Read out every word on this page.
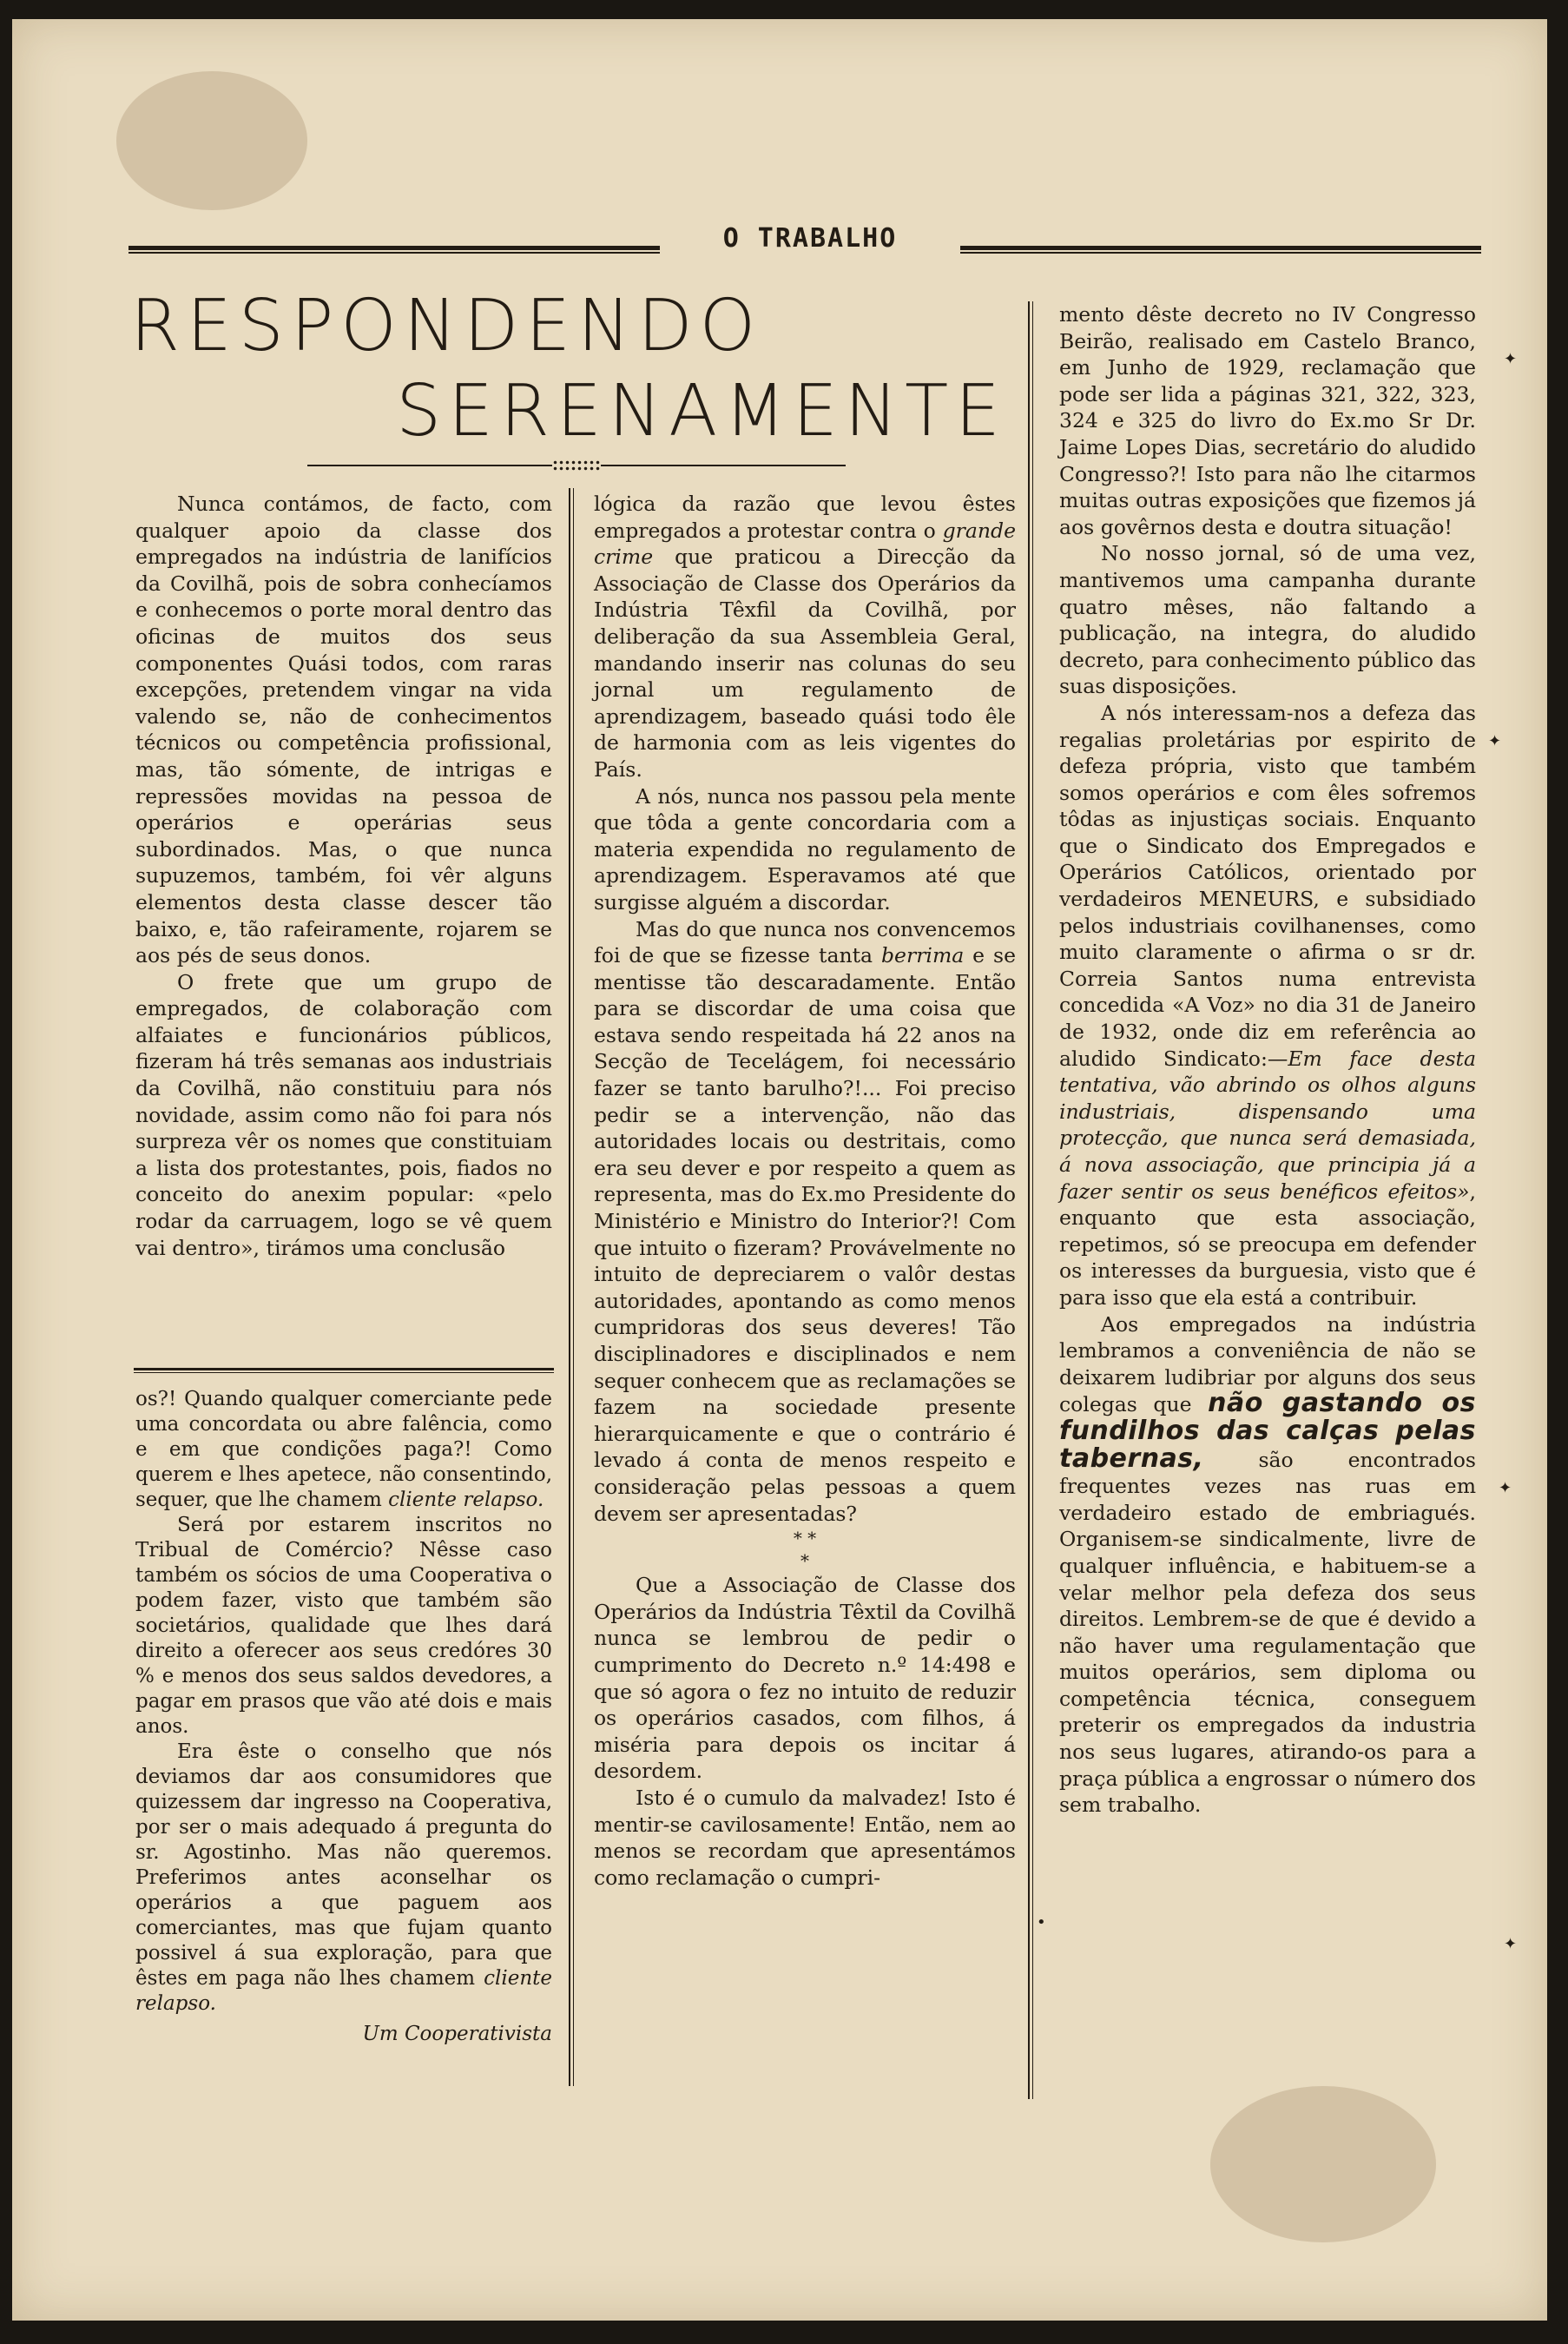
O TRABALHO
RESPONDENDO
SERENAMENTE

Nunca contámos, de facto, com qualquer apoio da classe dos empregados na indústria de lanifícios da Covilhã, pois de sobra conhecíamos e conhecemos o porte moral dentro das oficinas de muitos dos seus componentes Quási todos, com raras excepções, pretendem vingar na vida valendo se, não de conhecimentos técnicos ou competência profissional, mas, tão sómente, de intrigas e repressões movidas na pessoa de operários e operárias seus subordinados. Mas, o que nunca supuzemos, também, foi vêr alguns elementos desta classe descer tão baixo, e, tão rafeiramente, rojarem se aos pés de seus donos.

O frete que um grupo de empregados, de colaboração com alfaiates e funcionários públicos, fizeram há três semanas aos industriais da Covilhã, não constituiu para nós novidade, assim como não foi para nós surpreza vêr os nomes que constituiam a lista dos protestantes, pois, fiados no conceito do anexim popular: «pelo rodar da carruagem, logo se vê quem vai dentro», tirámos uma conclusão

os?! Quando qualquer comerciante pede uma concordata ou abre falência, como e em que condições paga?! Como querem e lhes apetece, não consentindo, sequer, que lhe chamem cliente relapso.

Será por estarem inscritos no Tribual de Comércio? Nêsse caso também os sócios de uma Cooperativa o podem fazer, visto que também são societários, qualidade que lhes dará direito a oferecer aos seus credóres 30 % e menos dos seus saldos devedores, a pagar em prasos que vão até dois e mais anos.

Era êste o conselho que nós deviamos dar aos consumidores que quizessem dar ingresso na Cooperativa, por ser o mais adequado á pregunta do sr. Agostinho. Mas não queremos. Preferimos antes aconselhar os operários a que paguem aos comerciantes, mas que fujam quanto possivel á sua exploração, para que êstes em paga não lhes chamem cliente relapso.

Um Cooperativista

lógica da razão que levou êstes empregados a protestar contra o grande crime que praticou a Direcção da Associação de Classe dos Operários da Indústria Têxfil da Covilhã, por deliberação da sua Assembleia Geral, mandando inserir nas colunas do seu jornal um regulamento de aprendizagem, baseado quási todo êle de harmonia com as leis vigentes do País.

A nós, nunca nos passou pela mente que tôda a gente concordaria com a materia expendida no regulamento de aprendizagem. Esperavamos até que surgisse alguém a discordar.

Mas do que nunca nos convencemos foi de que se fizesse tanta berrima e se mentisse tão descaradamente. Então para se discordar de uma coisa que estava sendo respeitada há 22 anos na Secção de Tecelágem, foi necessário fazer se tanto barulho?!... Foi preciso pedir se a intervenção, não das autoridades locais ou destritais, como era seu dever e por respeito a quem as representa, mas do Ex.mo Presidente do Ministério e Ministro do Interior?! Com que intuito o fizeram? Provávelmente no intuito de depreciarem o valôr destas autoridades, apontando as como menos cumpridoras dos seus deveres! Tão disciplinadores e disciplinados e nem sequer conhecem que as reclamações se fazem na sociedade presente hierarquicamente e que o contrário é levado á conta de menos respeito e consideração pelas pessoas a quem devem ser apresentadas?

* *
*

Que a Associação de Classe dos Operários da Indústria Têxtil da Covilhã nunca se lembrou de pedir o cumprimento do Decreto n.º 14:498 e que só agora o fez no intuito de reduzir os operários casados, com filhos, á miséria para depois os incitar á desordem.

Isto é o cumulo da malvadez! Isto é mentir-se cavilosamente! Então, nem ao menos se recordam que apresentámos como reclamação o cumpri-

mento dêste decreto no IV Congresso Beirão, realisado em Castelo Branco, em Junho de 1929, reclamação que pode ser lida a páginas 321, 322, 323, 324 e 325 do livro do Ex.mo Sr Dr. Jaime Lopes Dias, secretário do aludido Congresso?! Isto para não lhe citarmos muitas outras exposições que fizemos já aos govêrnos desta e doutra situação!

No nosso jornal, só de uma vez, mantivemos uma campanha durante quatro mêses, não faltando a publicação, na integra, do aludido decreto, para conhecimento público das suas disposições.

A nós interessam-nos a defeza das regalias proletárias por espirito de defeza própria, visto que também somos operários e com êles sofremos tôdas as injustiças sociais. Enquanto que o Sindicato dos Empregados e Operários Católicos, orientado por verdadeiros MENEURS, e subsidiado pelos industriais covilhanenses, como muito claramente o afirma o sr dr. Correia Santos numa entrevista concedida «A Voz» no dia 31 de Janeiro de 1932, onde diz em referência ao aludido Sindicato:—Em face desta tentativa, vão abrindo os olhos alguns industriais, dispensando uma protecção, que nunca será demasiada, á nova associação, que principia já a fazer sentir os seus benéficos efeitos», enquanto que esta associação, repetimos, só se preocupa em defender os interesses da burguesia, visto que é para isso que ela está a contribuir.

Aos empregados na indústria lembramos a conveniência de não se deixarem ludibriar por alguns dos seus colegas que não gastando os fundilhos das calças pelas tabernas, são encontrados frequentes vezes nas ruas em verdadeiro estado de embriagués. Organisem-se sindicalmente, livre de qualquer influência, e habituem-se a velar melhor pela defeza dos seus direitos. Lembrem-se de que é devido a não haver uma regulamentação que muitos operários, sem diploma ou competência técnica, conseguem preterir os empregados da industria nos seus lugares, atirando-os para a praça pública a engrossar o número dos sem trabalho.

✦
✦
✦
✦
•
